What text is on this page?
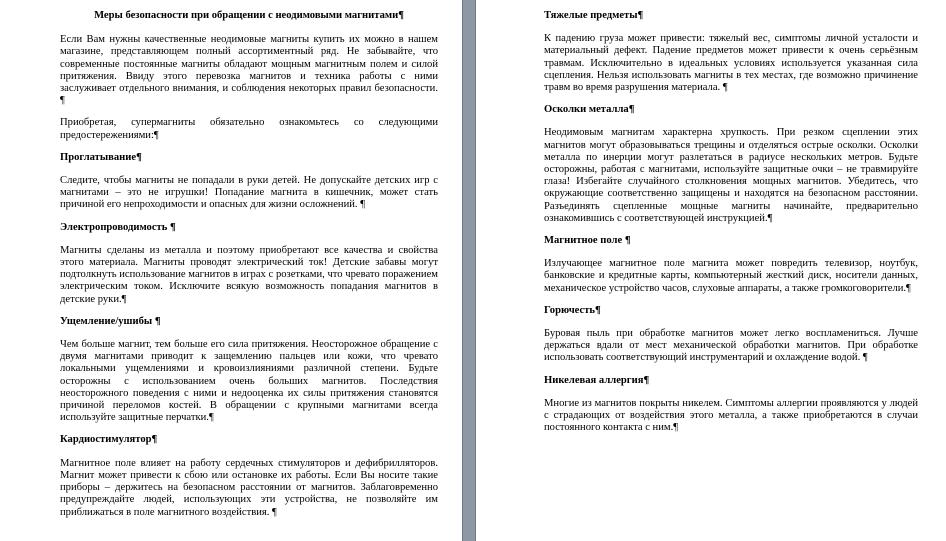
Меры безопасности при обращении с неодимовыми магнитами¶

Если Вам нужны качественные неодимовые магниты купить их можно в нашем магазине, представляющем полный ассортиментный ряд. Не забывайте, что современные постоянные магниты обладают мощным магнитным полем и силой притяжения. Ввиду этого перевозка магнитов и техника работы с ними заслуживает отдельного внимания, и соблюдения некоторых правил безопасности. ¶

Приобретая, супермагниты обязательно ознакомьтесь со следующими предостережениями:¶

Проглатывание¶

Следите, чтобы магниты не попадали в руки детей. Не допускайте детских игр с магнитами – это не игрушки! Попадание магнита в кишечник, может стать причиной его непроходимости и опасных для жизни осложнений. ¶

Электропроводимость ¶

Магниты сделаны из металла и поэтому приобретают все качества и свойства этого материала. Магниты проводят электрический ток! Детские забавы могут подтолкнуть использование магнитов в играх с розетками, что чревато поражением электрическим током. Исключите всякую возможность попадания магнитов в детские руки.¶

Ущемление/ушибы ¶

Чем больше магнит, тем больше его сила притяжения. Неосторожное обращение с двумя магнитами приводит к защемлению пальцев или кожи, что чревато локальными ущемлениями и кровоизлияниями различной степени. Будьте осторожны с использованием очень больших магнитов. Последствия неосторожного поведения с ними и недооценка их силы притяжения становятся причиной переломов костей. В обращении с крупными магнитами всегда используйте защитные перчатки.¶

Кардиостимулятор¶

Магнитное поле влияет на работу сердечных стимуляторов и дефибрилляторов. Магнит может привести к сбою или остановке их работы. Если Вы носите такие приборы – держитесь на безопасном расстоянии от магнитов. Заблаговременно предупреждайте людей, использующих эти устройства, не позволяйте им приближаться в поле магнитного воздействия. ¶

Тяжелые предметы¶

К падению груза может привести: тяжелый вес, симптомы личной усталости и материальный дефект. Падение предметов может привести к очень серьёзным травмам. Исключительно в идеальных условиях используется указанная сила сцепления. Нельзя использовать магниты в тех местах, где возможно причинение травм во время разрушения материала. ¶

Осколки металла¶

Неодимовым магнитам характерна хрупкость. При резком сцеплении этих магнитов могут образовываться трещины и отделяться острые осколки. Осколки металла по инерции могут разлетаться в радиусе нескольких метров. Будьте осторожны, работая с магнитами, используйте защитные очки – не травмируйте глаза! Избегайте случайного столкновения мощных магнитов. Убедитесь, что окружающие соответственно защищены и находятся на безопасном расстоянии. Разъединять сцепленные мощные магниты начинайте, предварительно ознакомившись с соответствующей инструкцией.¶

Магнитное поле ¶

Излучающее магнитное поле магнита может повредить телевизор, ноутбук, банковские и кредитные карты, компьютерный жесткий диск, носители данных, механическое устройство часов, слуховые аппараты, а также громкоговорители.¶

Горючесть¶

Буровая пыль при обработке магнитов может легко воспламениться. Лучше держаться вдали от мест механической обработки магнитов. При обработке использовать соответствующий инструментарий и охлаждение водой. ¶

Никелевая аллергия¶

Многие из магнитов покрыты никелем. Симптомы аллергии проявляются у людей с страдающих от воздействия этого металла, а также приобретаются в случаи постоянного контакта с ним.¶
